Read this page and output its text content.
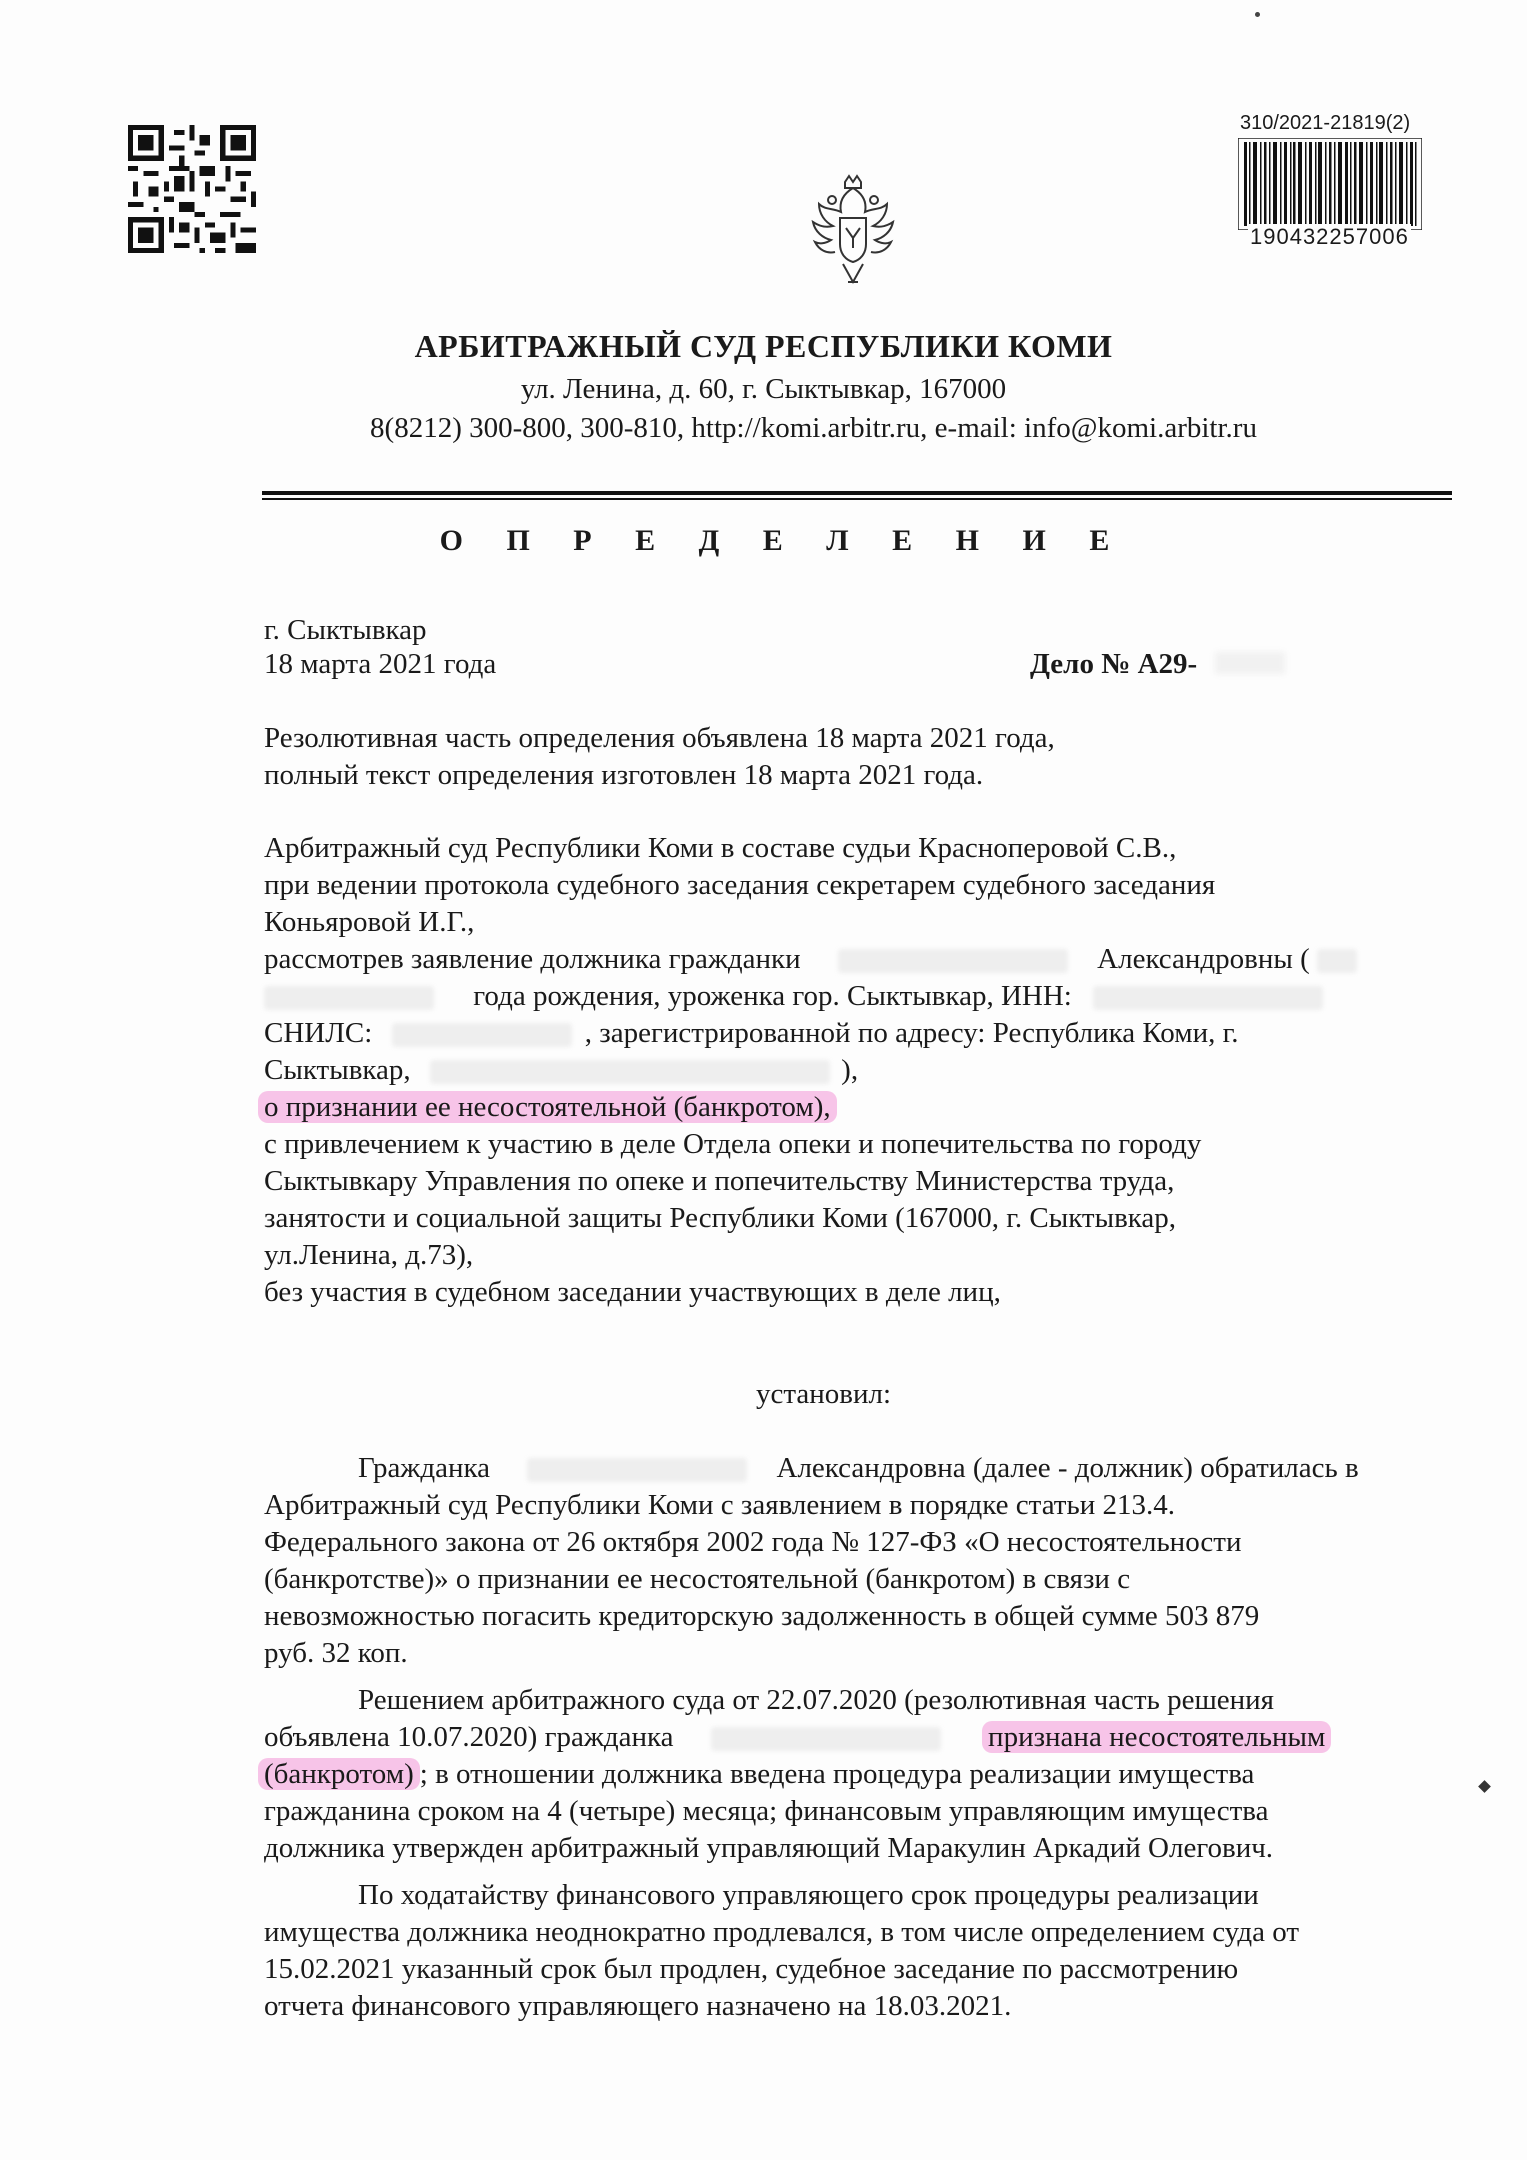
310/2021-21819(2)
190432257006
АРБИТРАЖНЫЙ СУД РЕСПУБЛИКИ КОМИ
ул. Ленина, д. 60, г. Сыктывкар, 167000
8(8212) 300-800, 300-810, http://komi.arbitr.ru, e-mail: info@komi.arbitr.ru
О П Р Е Д Е Л Е Н И Е
г. Сыктывкар
18 марта 2021 года	Дело № А29-
Резолютивная часть определения объявлена 18 марта 2021 года,
полный текст определения изготовлен 18 марта 2021 года.
Арбитражный суд Республики Коми в составе судьи Красноперовой С.В.,
при ведении протокола судебного заседания секретарем судебного заседания
Коньяровой И.Г.,
рассмотрев заявление должника гражданки	Александровны (
года рождения, уроженка гор. Сыктывкар, ИНН:
СНИЛС:	, зарегистрированной по адресу: Республика Коми, г.
Сыктывкар,	),
о признании ее несостоятельной (банкротом),
с привлечением к участию в деле Отдела опеки и попечительства по городу
Сыктывкару Управления по опеке и попечительству Министерства труда,
занятости и социальной защиты Республики Коми (167000, г. Сыктывкар,
ул.Ленина, д.73),
без участия в судебном заседании участвующих в деле лиц,
установил:
Гражданка	Александровна (далее - должник) обратилась в
Арбитражный суд Республики Коми с заявлением в порядке статьи 213.4.
Федерального закона от 26 октября 2002 года № 127-ФЗ «О несостоятельности
(банкротстве)» о признании ее несостоятельной (банкротом) в связи с
невозможностью погасить кредиторскую задолженность в общей сумме 503 879
руб. 32 коп.
Решением арбитражного суда от 22.07.2020 (резолютивная часть решения
объявлена 10.07.2020) гражданка	признана несостоятельным
(банкротом) ; в отношении должника введена процедура реализации имущества
гражданина сроком на 4 (четыре) месяца; финансовым управляющим имущества
должника утвержден арбитражный управляющий Маракулин Аркадий Олегович.
По ходатайству финансового управляющего срок процедуры реализации
имущества должника неоднократно продлевался, в том числе определением суда от
15.02.2021 указанный срок был продлен, судебное заседание по рассмотрению
отчета финансового управляющего назначено на 18.03.2021.
